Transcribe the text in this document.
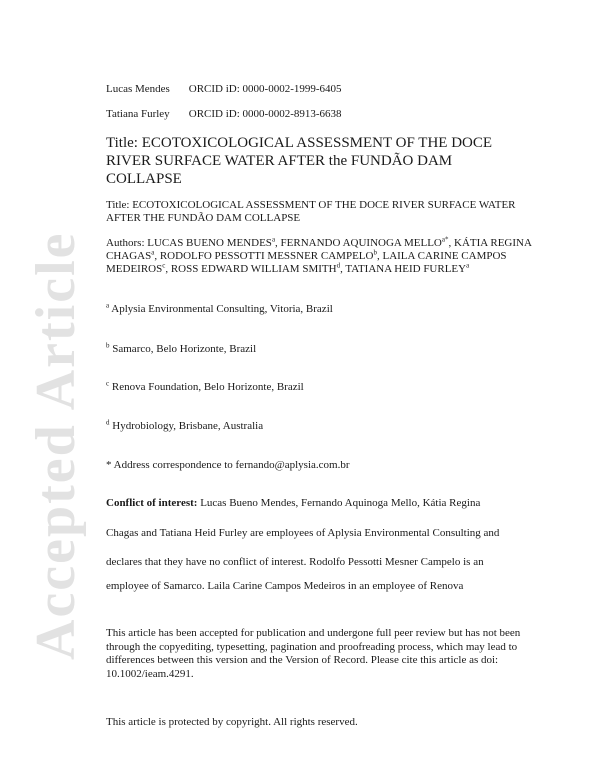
Accepted Article
Lucas Mendes ORCID iD: 0000-0002-1999-6405
Tatiana Furley ORCID iD: 0000-0002-8913-6638
Title: ECOTOXICOLOGICAL ASSESSMENT OF THE DOCE RIVER SURFACE WATER AFTER the FUNDÃO DAM COLLAPSE
Title: ECOTOXICOLOGICAL ASSESSMENT OF THE DOCE RIVER SURFACE WATER AFTER THE FUNDÃO DAM COLLAPSE
Authors: LUCAS BUENO MENDES$^a$, FERNANDO AQUINOGA $MELLO^{a*}$, KÁTIA REGINA CHAGAS$^a$, RODOLFO PESSOTTI MESSNER CAMPELO$^b$, LAILA CARINE CAMPOS MEDEIROS$^c$, ROSS EDWARD WILLIAM SMITH$^d$, TATIANA HEID FURLEY$^a$
$^a$ Aplysia Environmental Consulting, Vitoria, Brazil
$^b$ Samarco, Belo Horizonte, Brazil
$^c$ Renova Foundation, Belo Horizonte, Brazil
$^d$ Hydrobiology, Brisbane, Australia
* Address correspondence to fernando@aplysia.com.br
Conflict of interest: Lucas Bueno Mendes, Fernando Aquinoga Mello, Kátia Regina
Chagas and Tatiana Heid Furley are employees of Aplysia Environmental Consulting and
declares that they have no conflict of interest. Rodolfo Pessotti Mesner Campelo is an
employee of Samarco. Laila Carine Campos Medeiros in an employee of Renova
This article has been accepted for publication and undergone full peer review but has not been through the copyediting, typesetting, pagination and proofreading process, which may lead to differences between this version and the Version of Record. Please cite this article as doi: 10.1002/ieam.4291.
This article is protected by copyright. All rights reserved.
